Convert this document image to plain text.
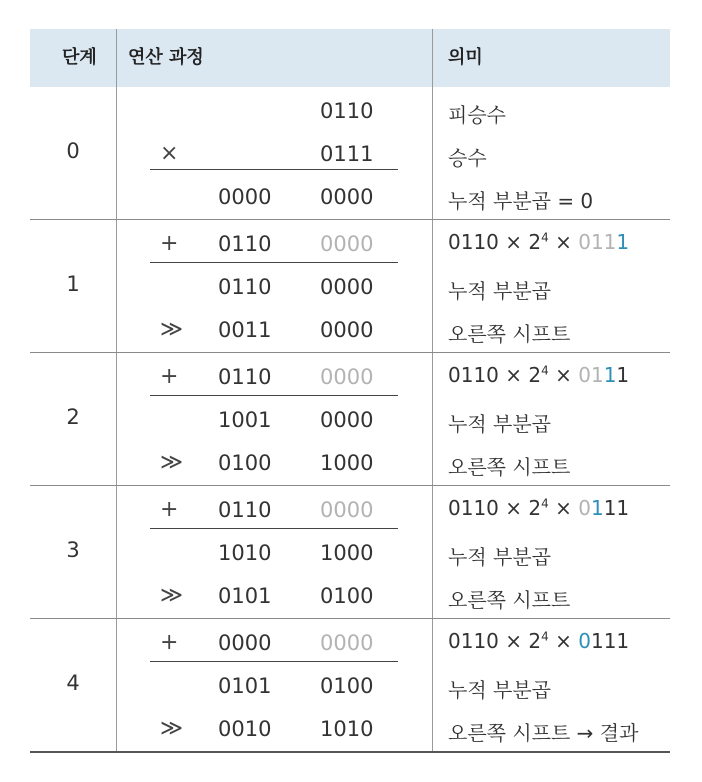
단계 연산 과정	의미
0
0110	피승수
×	0111	승수
0000 0000	누적 부분곱 = 0
1
+ 0110 0000	$0110 \times 2^4 \times 0111$
0110 0000	누적 부분곱
≫ 0011 0000	오른쪽 시프트
2
+ 0110 0000	$0110 \times 2^4 \times 0111$
1001 0000	누적 부분곱
≫ 0100 1000	오른쪽 시프트
3
+ 0110 0000	$0110 \times 2^4 \times 0111$
1010 1000	누적 부분곱
≫ 0101 0100	오른쪽 시프트
4
+ 0000 0000	$0110 \times 2^4 \times 0111$
0101 0100	누적 부분곱
≫ 0010 1010	오른쪽 시프트 → 결과
